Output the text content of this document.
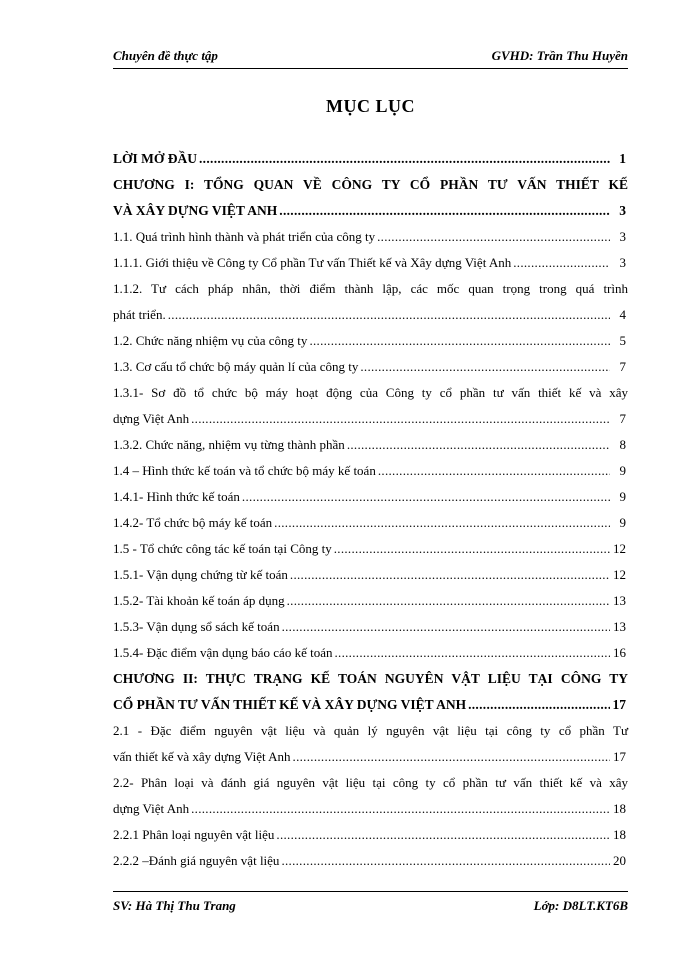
Chuyên đề thực tập	GVHD: Trần Thu Huyền
MỤC LỤC
LỜI MỞ ĐẦU .....	1
CHƯƠNG I: TỔNG QUAN VỀ CÔNG TY CỔ PHẦN TƯ VẤN THIẾT KẾ
VÀ XÂY DỰNG VIỆT ANH .....	3
1.1. Quá trình hình thành và phát triển của công ty .....	3
1.1.1. Giới thiệu về Công ty Cổ phần Tư vấn Thiết kế và Xây dựng Việt Anh .....	3
1.1.2. Tư cách pháp nhân, thời điểm thành lập, các mốc quan trọng trong quá trình
phát triển. .....	4
1.2. Chức năng nhiệm vụ của công ty .....	5
1.3. Cơ cấu tổ chức bộ máy quản lí của công ty .....	7
1.3.1- Sơ đồ tổ chức bộ máy hoạt động của Công ty cổ phần tư vấn thiết kế và xây
dựng Việt Anh .....	7
1.3.2. Chức năng, nhiệm vụ từng thành phần .....	8
1.4 – Hình thức kế toán và tổ chức bộ máy kế toán .....	9
1.4.1- Hình thức kế toán .....	9
1.4.2- Tổ chức bộ máy kế toán .....	9
1.5 - Tổ chức công tác kế toán tại Công ty .....	12
1.5.1- Vận dụng chứng từ kế toán .....	12
1.5.2- Tài khoản kế toán áp dụng .....	13
1.5.3- Vận dụng sổ sách kế toán .....	13
1.5.4- Đặc điểm vận dụng báo cáo kế toán .....	16
CHƯƠNG II: THỰC TRẠNG KẾ TOÁN NGUYÊN VẬT LIỆU TẠI CÔNG TY
CỔ PHẦN TƯ VẤN THIẾT KẾ VÀ XÂY DỰNG VIỆT ANH .....	17
2.1 - Đặc điểm nguyên vật liệu và quản lý nguyên vật liệu tại công ty cổ phần Tư
vấn thiết kế và xây dựng Việt Anh .....	17
2.2- Phân loại và đánh giá nguyên vật liệu tại công ty cổ phần tư vấn thiết kế và xây
dựng Việt Anh .....	18
2.2.1 Phân loại nguyên vật liệu .....	18
2.2.2 –Đánh giá nguyên vật liệu .....	20
SV: Hà Thị Thu Trang	Lớp: D8LT.KT6B
